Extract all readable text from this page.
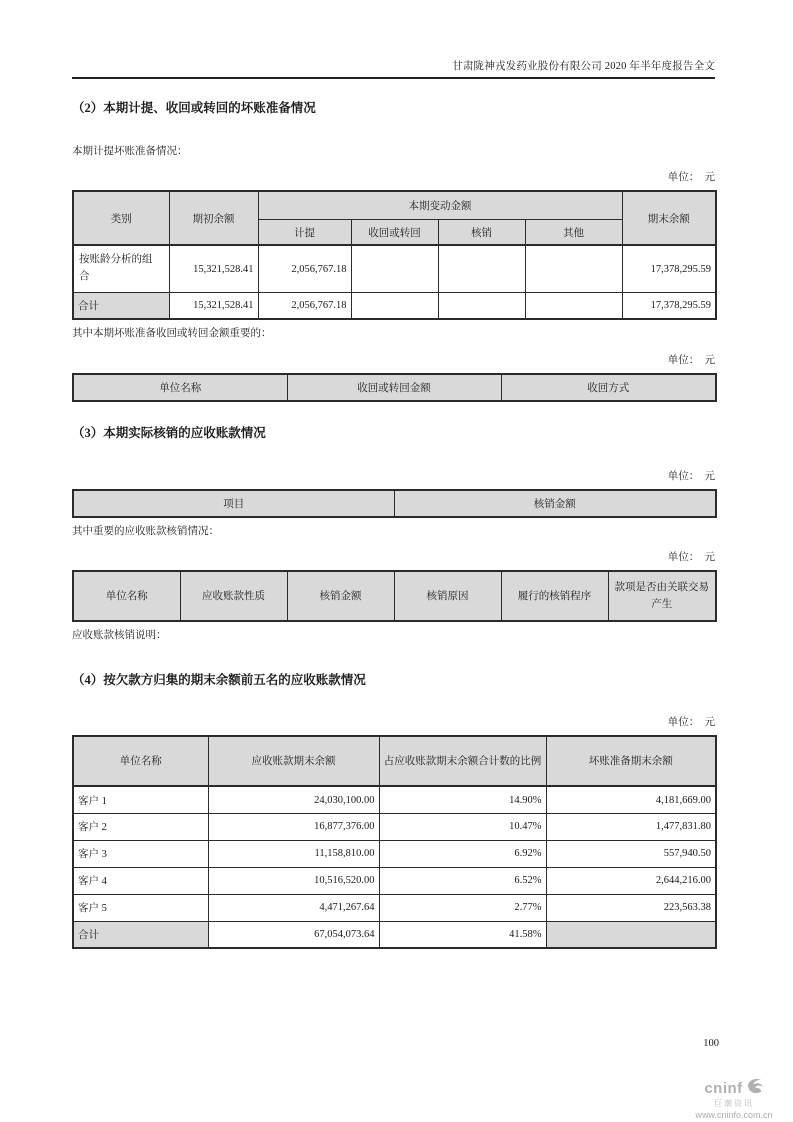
甘肃陇神戎发药业股份有限公司 2020 年半年度报告全文
（2）本期计提、收回或转回的坏账准备情况

本期计提坏账准备情况：

单位：　元
类别	期初余额	本期变动金额				期末余额
		计提	收回或转回	核销	其他	
按账龄分析的组合	15,321,528.41	2,056,767.18				17,378,295.59
合计	15,321,528.41	2,056,767.18				17,378,295.59

其中本期坏账准备收回或转回金额重要的：

单位：　元
单位名称	收回或转回金额	收回方式
（3）本期实际核销的应收账款情况
单位：　元
项目	核销金额

其中重要的应收账款核销情况：

单位：　元
单位名称	应收账款性质	核销金额	核销原因	履行的核销程序	款项是否由关联交易产生

应收账款核销说明：

（4）按欠款方归集的期末余额前五名的应收账款情况
单位：　元
单位名称	应收账款期末余额	占应收账款期末余额合计数的比例	坏账准备期末余额
客户 1	24,030,100.00	14.90%	4,181,669.00
客户 2	16,877,376.00	10.47%	1,477,831.80
客户 3	11,158,810.00	6.92%	557,940.50
客户 4	10,516,520.00	6.52%	2,644,216.00
客户 5	4,471,267.64	2.77%	223,563.38
合计	67,054,073.64	41.58%	
100
cninf
巨潮资讯
www.cninfo.com.cn
